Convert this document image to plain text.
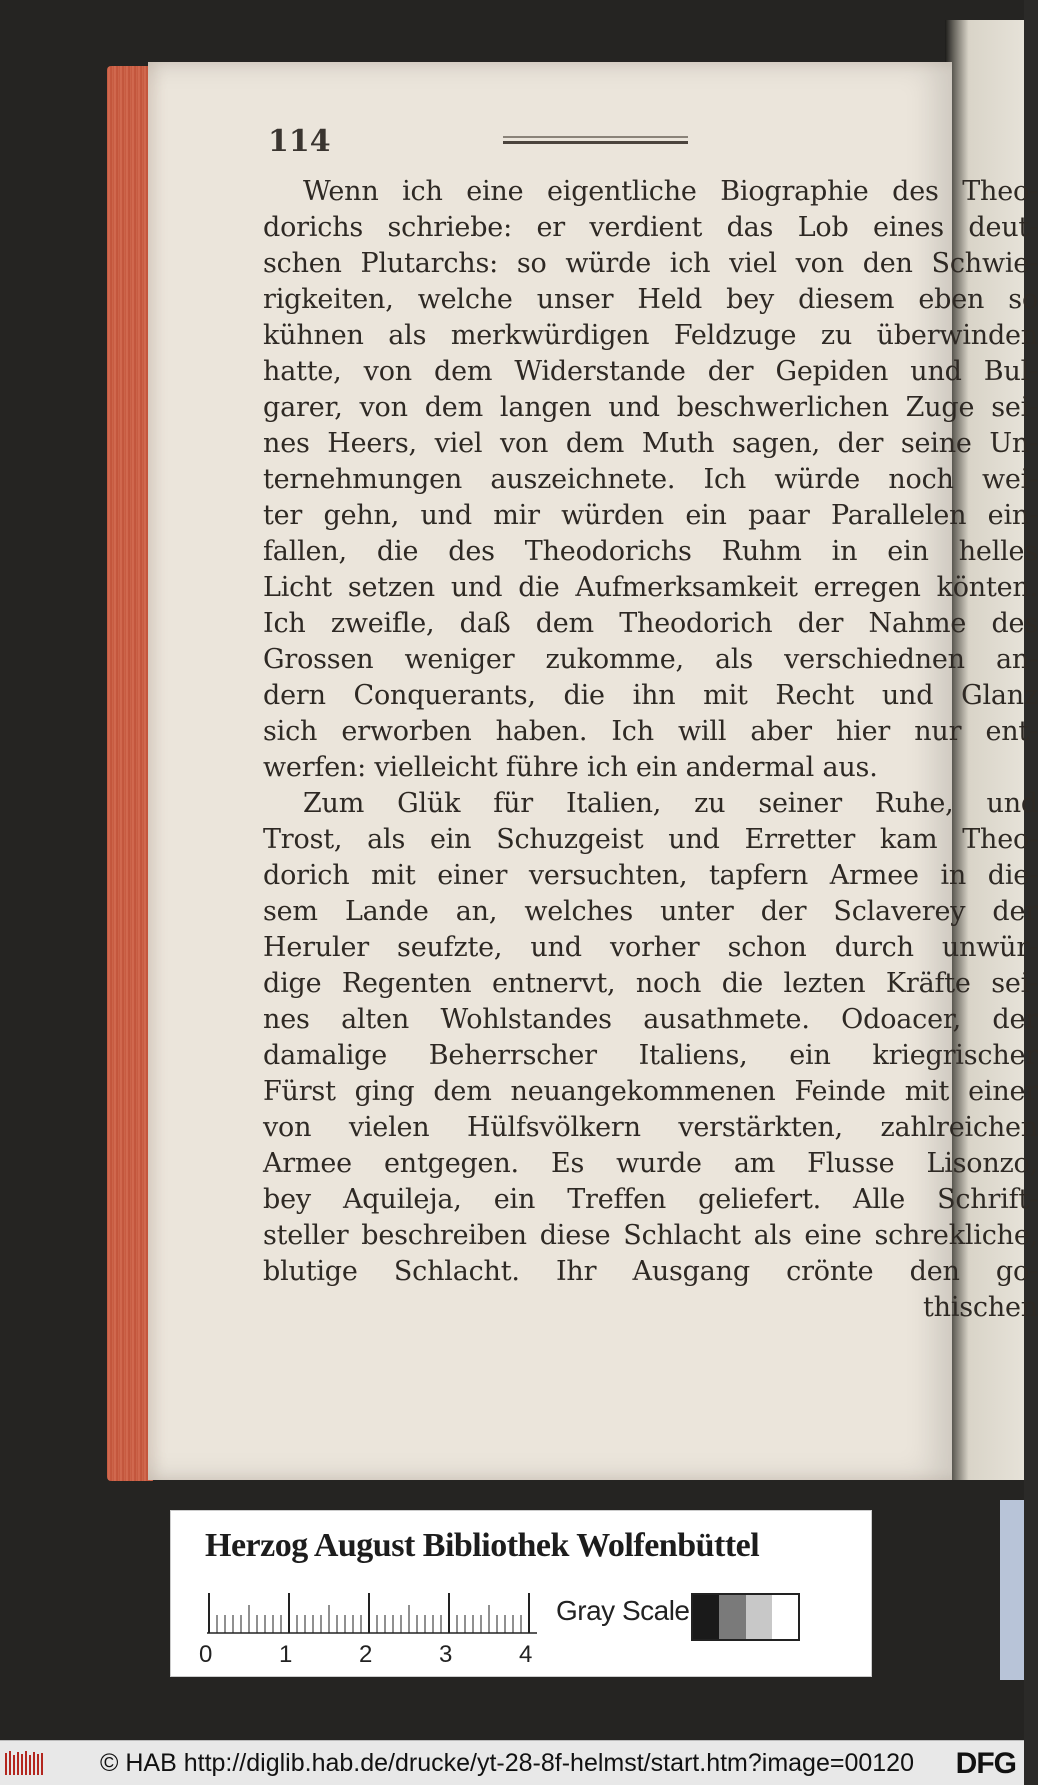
114
Wenn ich eine eigentliche Biographie des Theo-
dorichs schriebe: er verdient das Lob eines deut-
schen Plutarchs: so würde ich viel von den Schwie-
rigkeiten, welche unser Held bey diesem eben so
kühnen als merkwürdigen Feldzuge zu überwinden
hatte, von dem Widerstande der Gepiden und Bul-
garer, von dem langen und beschwerlichen Zuge sei-
nes Heers, viel von dem Muth sagen, der seine Un-
ternehmungen auszeichnete. Ich würde noch wei-
ter gehn, und mir würden ein paar Parallelen ein-
fallen, die des Theodorichs Ruhm in ein helles
Licht setzen und die Aufmerksamkeit erregen könten.
Ich zweifle, daß dem Theodorich der Nahme des
Grossen weniger zukomme, als verschiednen an-
dern Conquerants, die ihn mit Recht und Glanz
sich erworben haben. Ich will aber hier nur ent-
werfen: vielleicht führe ich ein andermal aus.
Zum Glük für Italien, zu seiner Ruhe, und
Trost, als ein Schuzgeist und Erretter kam Theo-
dorich mit einer versuchten, tapfern Armee in die-
sem Lande an, welches unter der Sclaverey der
Heruler seufzte, und vorher schon durch unwür-
dige Regenten entnervt, noch die lezten Kräfte sei-
nes alten Wohlstandes ausathmete. Odoacer, der
damalige Beherrscher Italiens, ein kriegrischer
Fürst ging dem neuangekommenen Feinde mit einer
von vielen Hülfsvölkern verstärkten, zahlreichen
Armee entgegen. Es wurde am Flusse Lisonzo,
bey Aquileja, ein Treffen geliefert. Alle Schrift-
steller beschreiben diese Schlacht als eine schrekliche,
blutige Schlacht. Ihr Ausgang crönte den go-
thischen
Herzog August Bibliothek Wolfenbüttel
0	1	2	3	4
Gray Scale
© HAB http://diglib.hab.de/drucke/yt-28-8f-helmst/start.htm?image=00120 DFG
